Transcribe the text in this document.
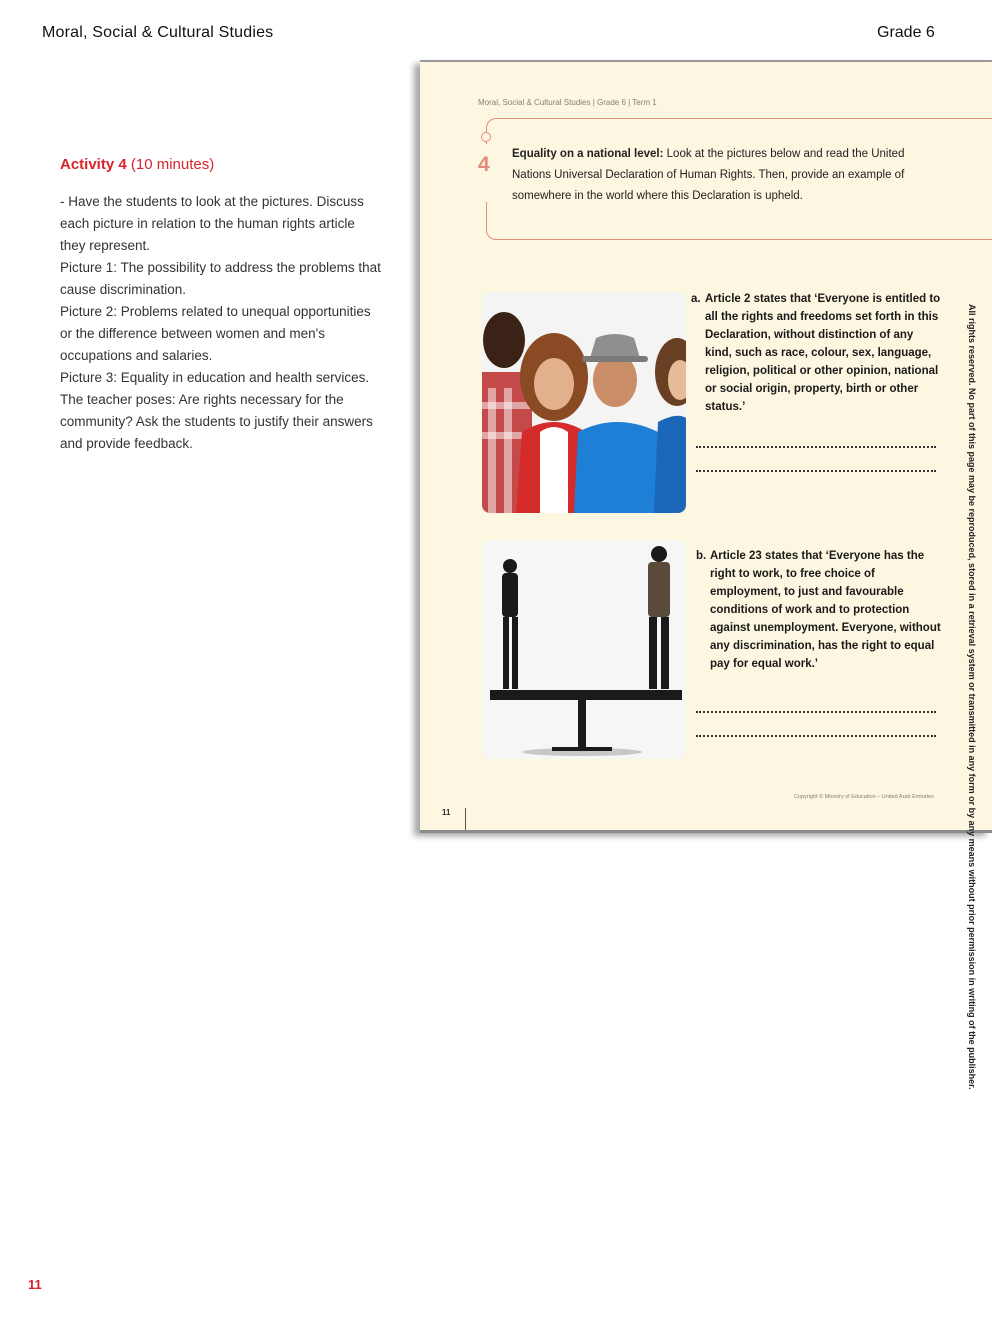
Moral, Social & Cultural Studies	Grade 6
Activity 4 (10 minutes)
- Have the students to look at the pictures. Discuss each picture in relation to the human rights article they represent.
Picture 1: The possibility to address the problems that cause discrimination.
Picture 2: Problems related to unequal opportunities or the difference between women and men's occupations and salaries.
Picture 3: Equality in education and health services.
The teacher poses: Are rights necessary for the community? Ask the students to justify their answers and provide feedback.
Moral, Social & Cultural Studies | Grade 6 | Term 1
4 Equality on a national level: Look at the pictures below and read the United Nations Universal Declaration of Human Rights. Then, provide an example of somewhere in the world where this Declaration is upheld.
a. Article 2 states that ‘Everyone is entitled to all the rights and freedoms set forth in this Declaration, without distinction of any kind, such as race, colour, sex, language, religion, political or other opinion, national or social origin, property, birth or other status.’
b. Article 23 states that ‘Everyone has the right to work, to free choice of employment, to just and favourable conditions of work and to protection against unemployment. Everyone, without any discrimination, has the right to equal pay for equal work.’
Copyright © Ministry of Education – United Arab Emirates
11	All rights reserved. No part of this page may be reproduced, stored in a retrieval system or transmitted in any form or by any means without prior permission in writing of the publisher.
11
